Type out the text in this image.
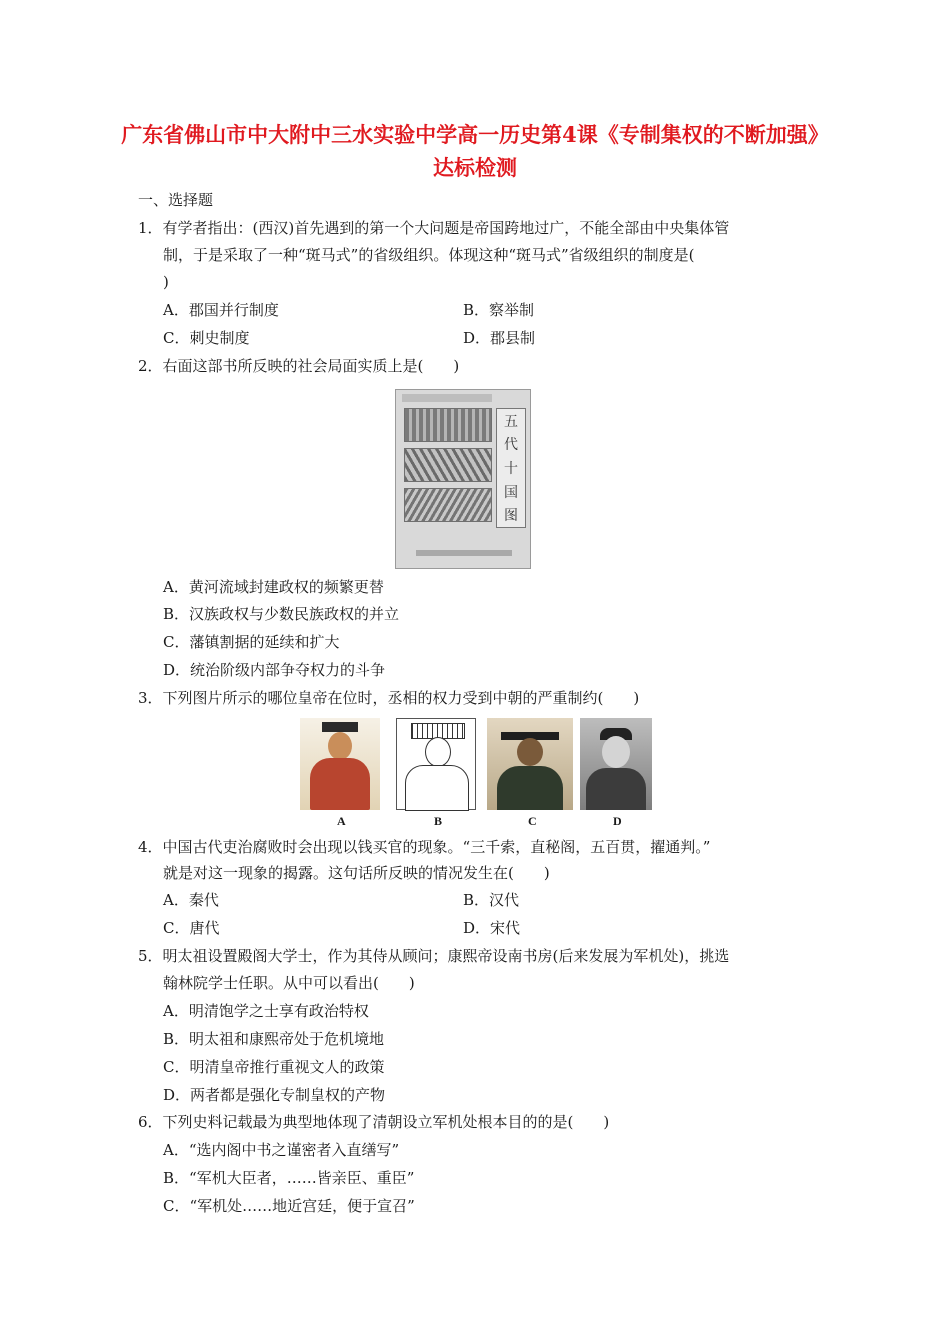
广东省佛山市中大附中三水实验中学高一历史第4课《专制集权的不断加强》达标检测
一、选择题
1．有学者指出：(西汉)首先遇到的第一个大问题是帝国跨地过广，不能全部由中央集体管
制，于是采取了一种“斑马式”的省级组织。体现这种“斑马式”省级组织的制度是(
)
A．郡国并行制度	B．察举制
C．刺史制度	D．郡县制
2．右面这部书所反映的社会局面实质上是(　　)
五
代
十
国
图
A．黄河流域封建政权的频繁更替
B．汉族政权与少数民族政权的并立
C．藩镇割据的延续和扩大
D．统治阶级内部争夺权力的斗争
3．下列图片所示的哪位皇帝在位时，丞相的权力受到中朝的严重制约(　　)
A	B	C	D
4．中国古代吏治腐败时会出现以钱买官的现象。“三千索，直秘阁，五百贯，擢通判。”
就是对这一现象的揭露。这句话所反映的情况发生在(　　)
A．秦代	B．汉代
C．唐代	D．宋代
5．明太祖设置殿阁大学士，作为其侍从顾问；康熙帝设南书房(后来发展为军机处)，挑选
翰林院学士任职。从中可以看出(　　)
A．明清饱学之士享有政治特权
B．明太祖和康熙帝处于危机境地
C．明清皇帝推行重视文人的政策
D．两者都是强化专制皇权的产物
6．下列史料记载最为典型地体现了清朝设立军机处根本目的的是(　　)
A．“选内阁中书之谨密者入直缮写”
B．“军机大臣者，……皆亲臣、重臣”
C．“军机处……地近宫廷，便于宣召”
